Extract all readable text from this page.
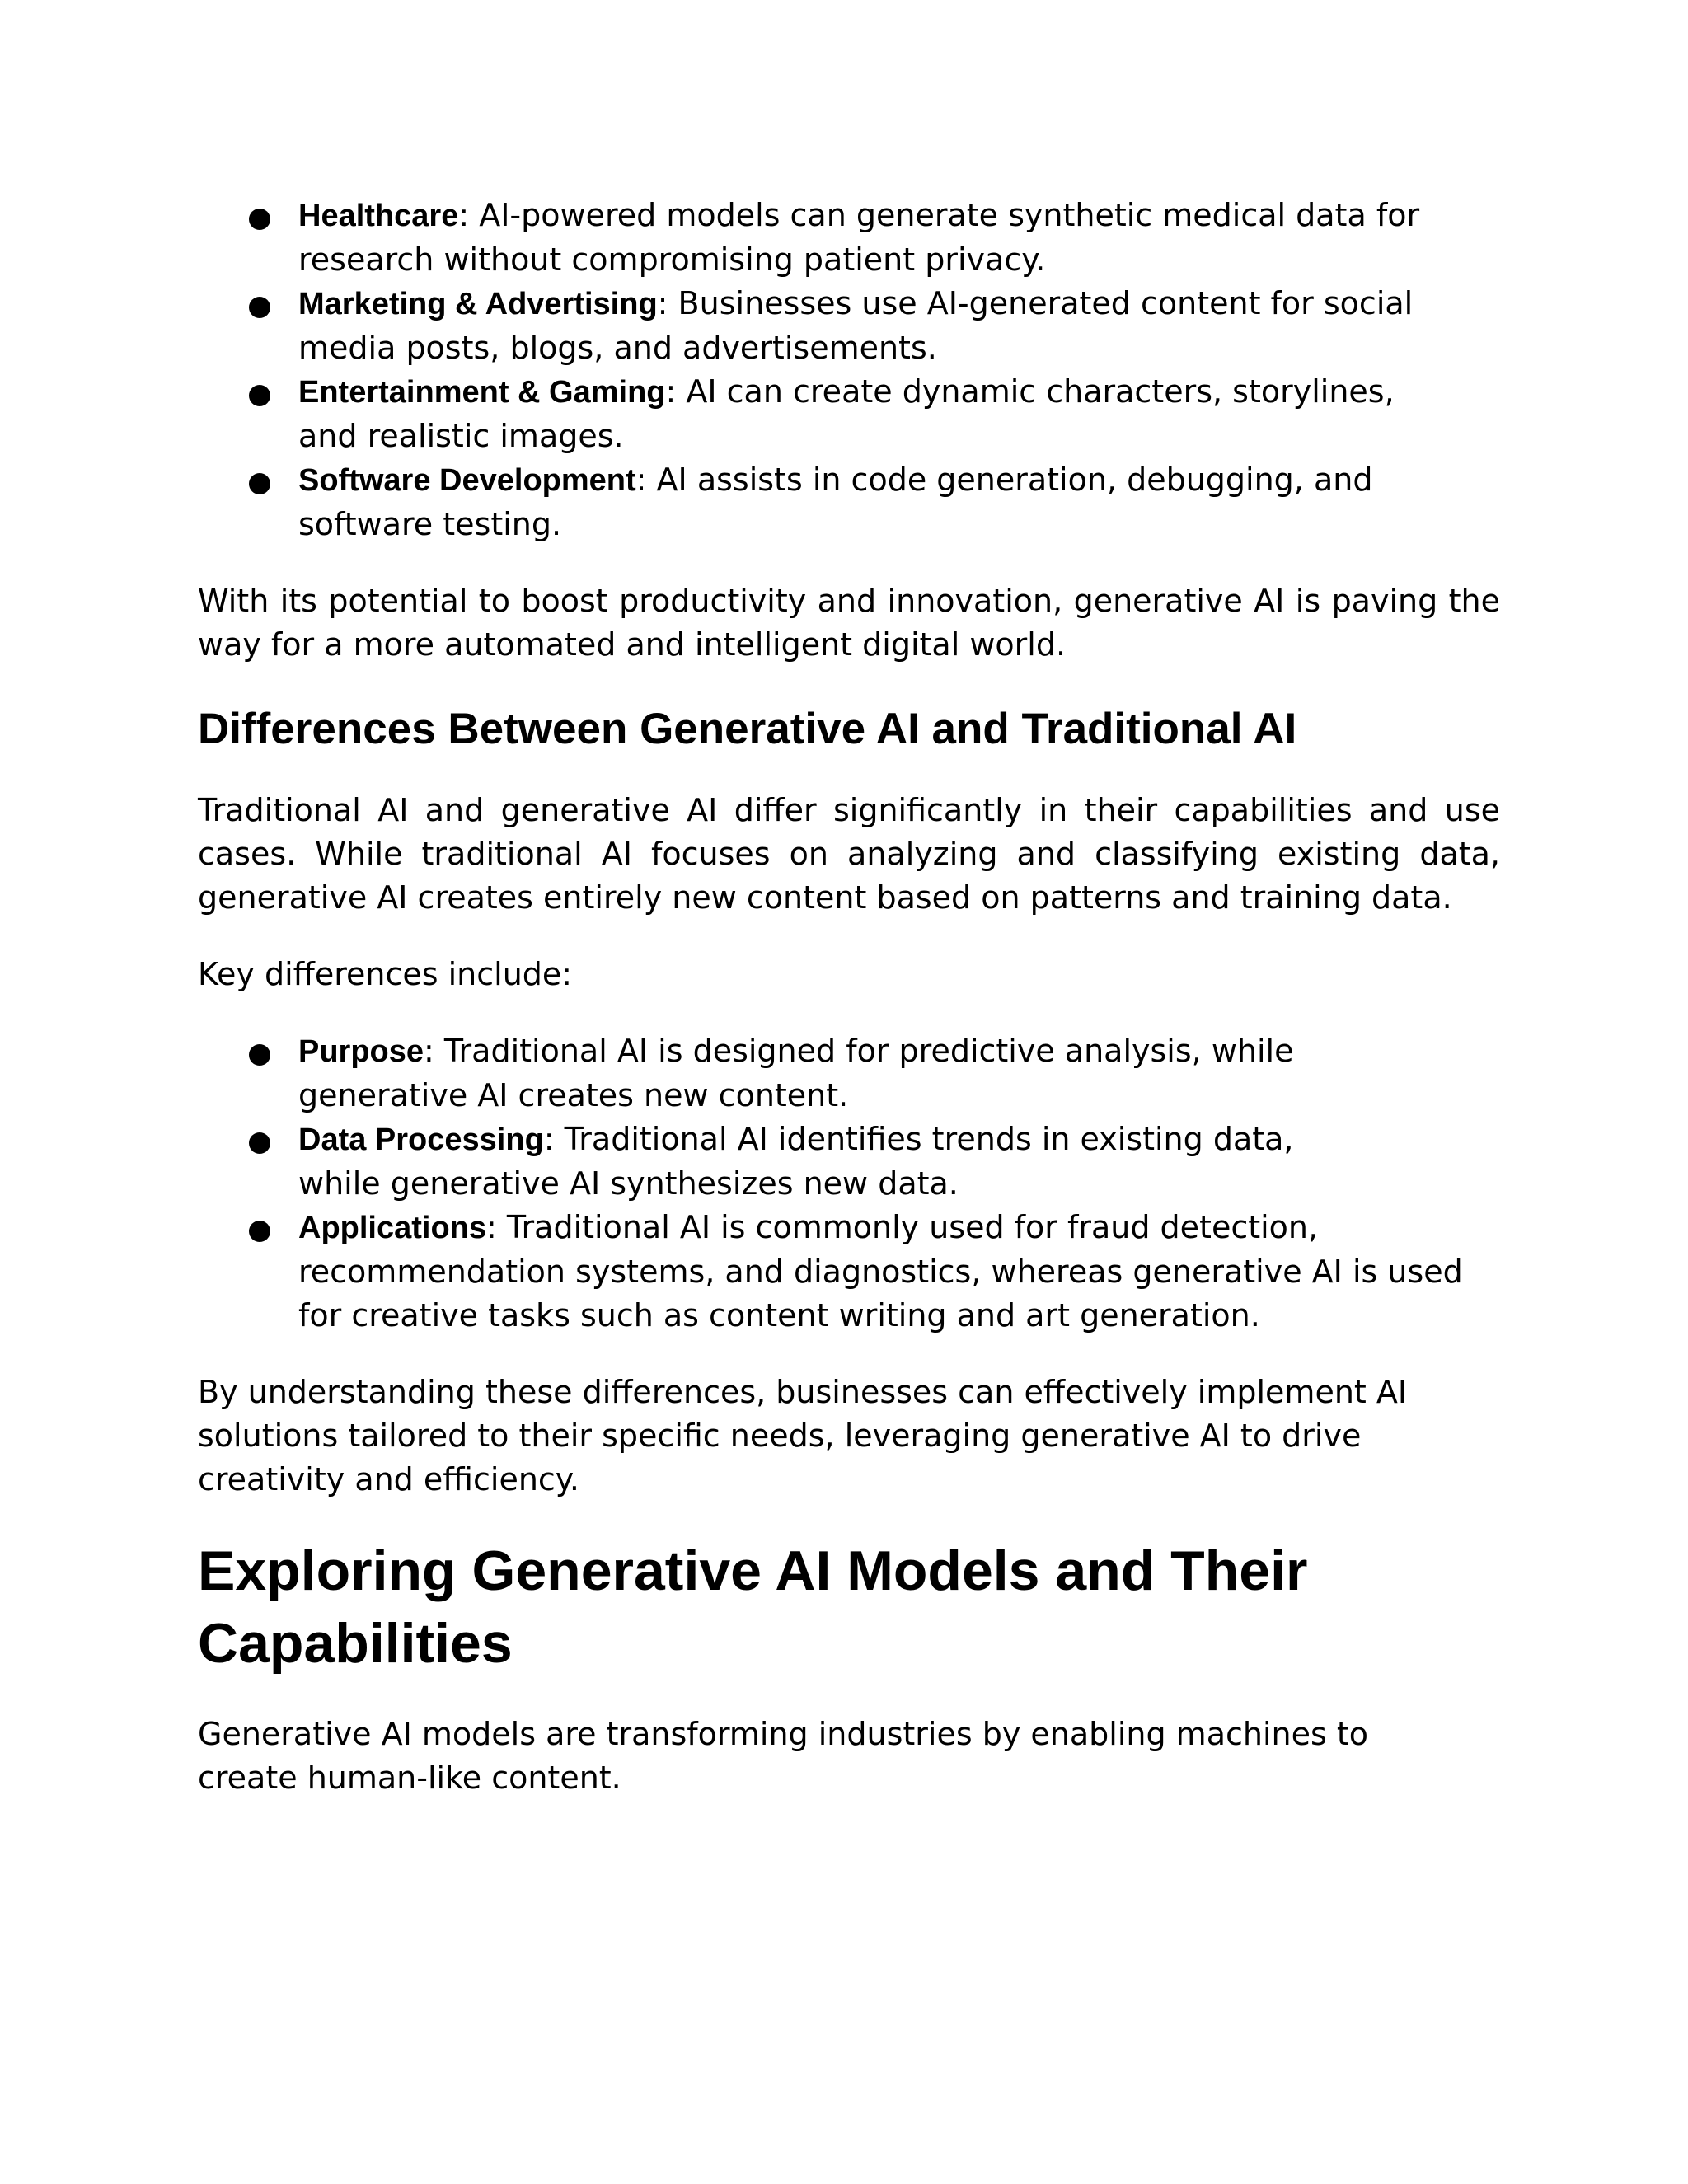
Healthcare: AI-powered models can generate synthetic medical data for research without compromising patient privacy.
Marketing & Advertising: Businesses use AI-generated content for social media posts, blogs, and advertisements.
Entertainment & Gaming: AI can create dynamic characters, storylines, and realistic images.
Software Development: AI assists in code generation, debugging, and software testing.

With its potential to boost productivity and innovation, generative AI is paving the way for a more automated and intelligent digital world.

Differences Between Generative AI and Traditional AI

Traditional AI and generative AI differ significantly in their capabilities and use cases. While traditional AI focuses on analyzing and classifying existing data, generative AI creates entirely new content based on patterns and training data.

Key differences include:

Purpose: Traditional AI is designed for predictive analysis, while generative AI creates new content.
Data Processing: Traditional AI identifies trends in existing data, while generative AI synthesizes new data.
Applications: Traditional AI is commonly used for fraud detection, recommendation systems, and diagnostics, whereas generative AI is used for creative tasks such as content writing and art generation.

By understanding these differences, businesses can effectively implement AI solutions tailored to their specific needs, leveraging generative AI to drive creativity and efficiency.

Exploring Generative AI Models and Their Capabilities

Generative AI models are transforming industries by enabling machines to create human-like content.
